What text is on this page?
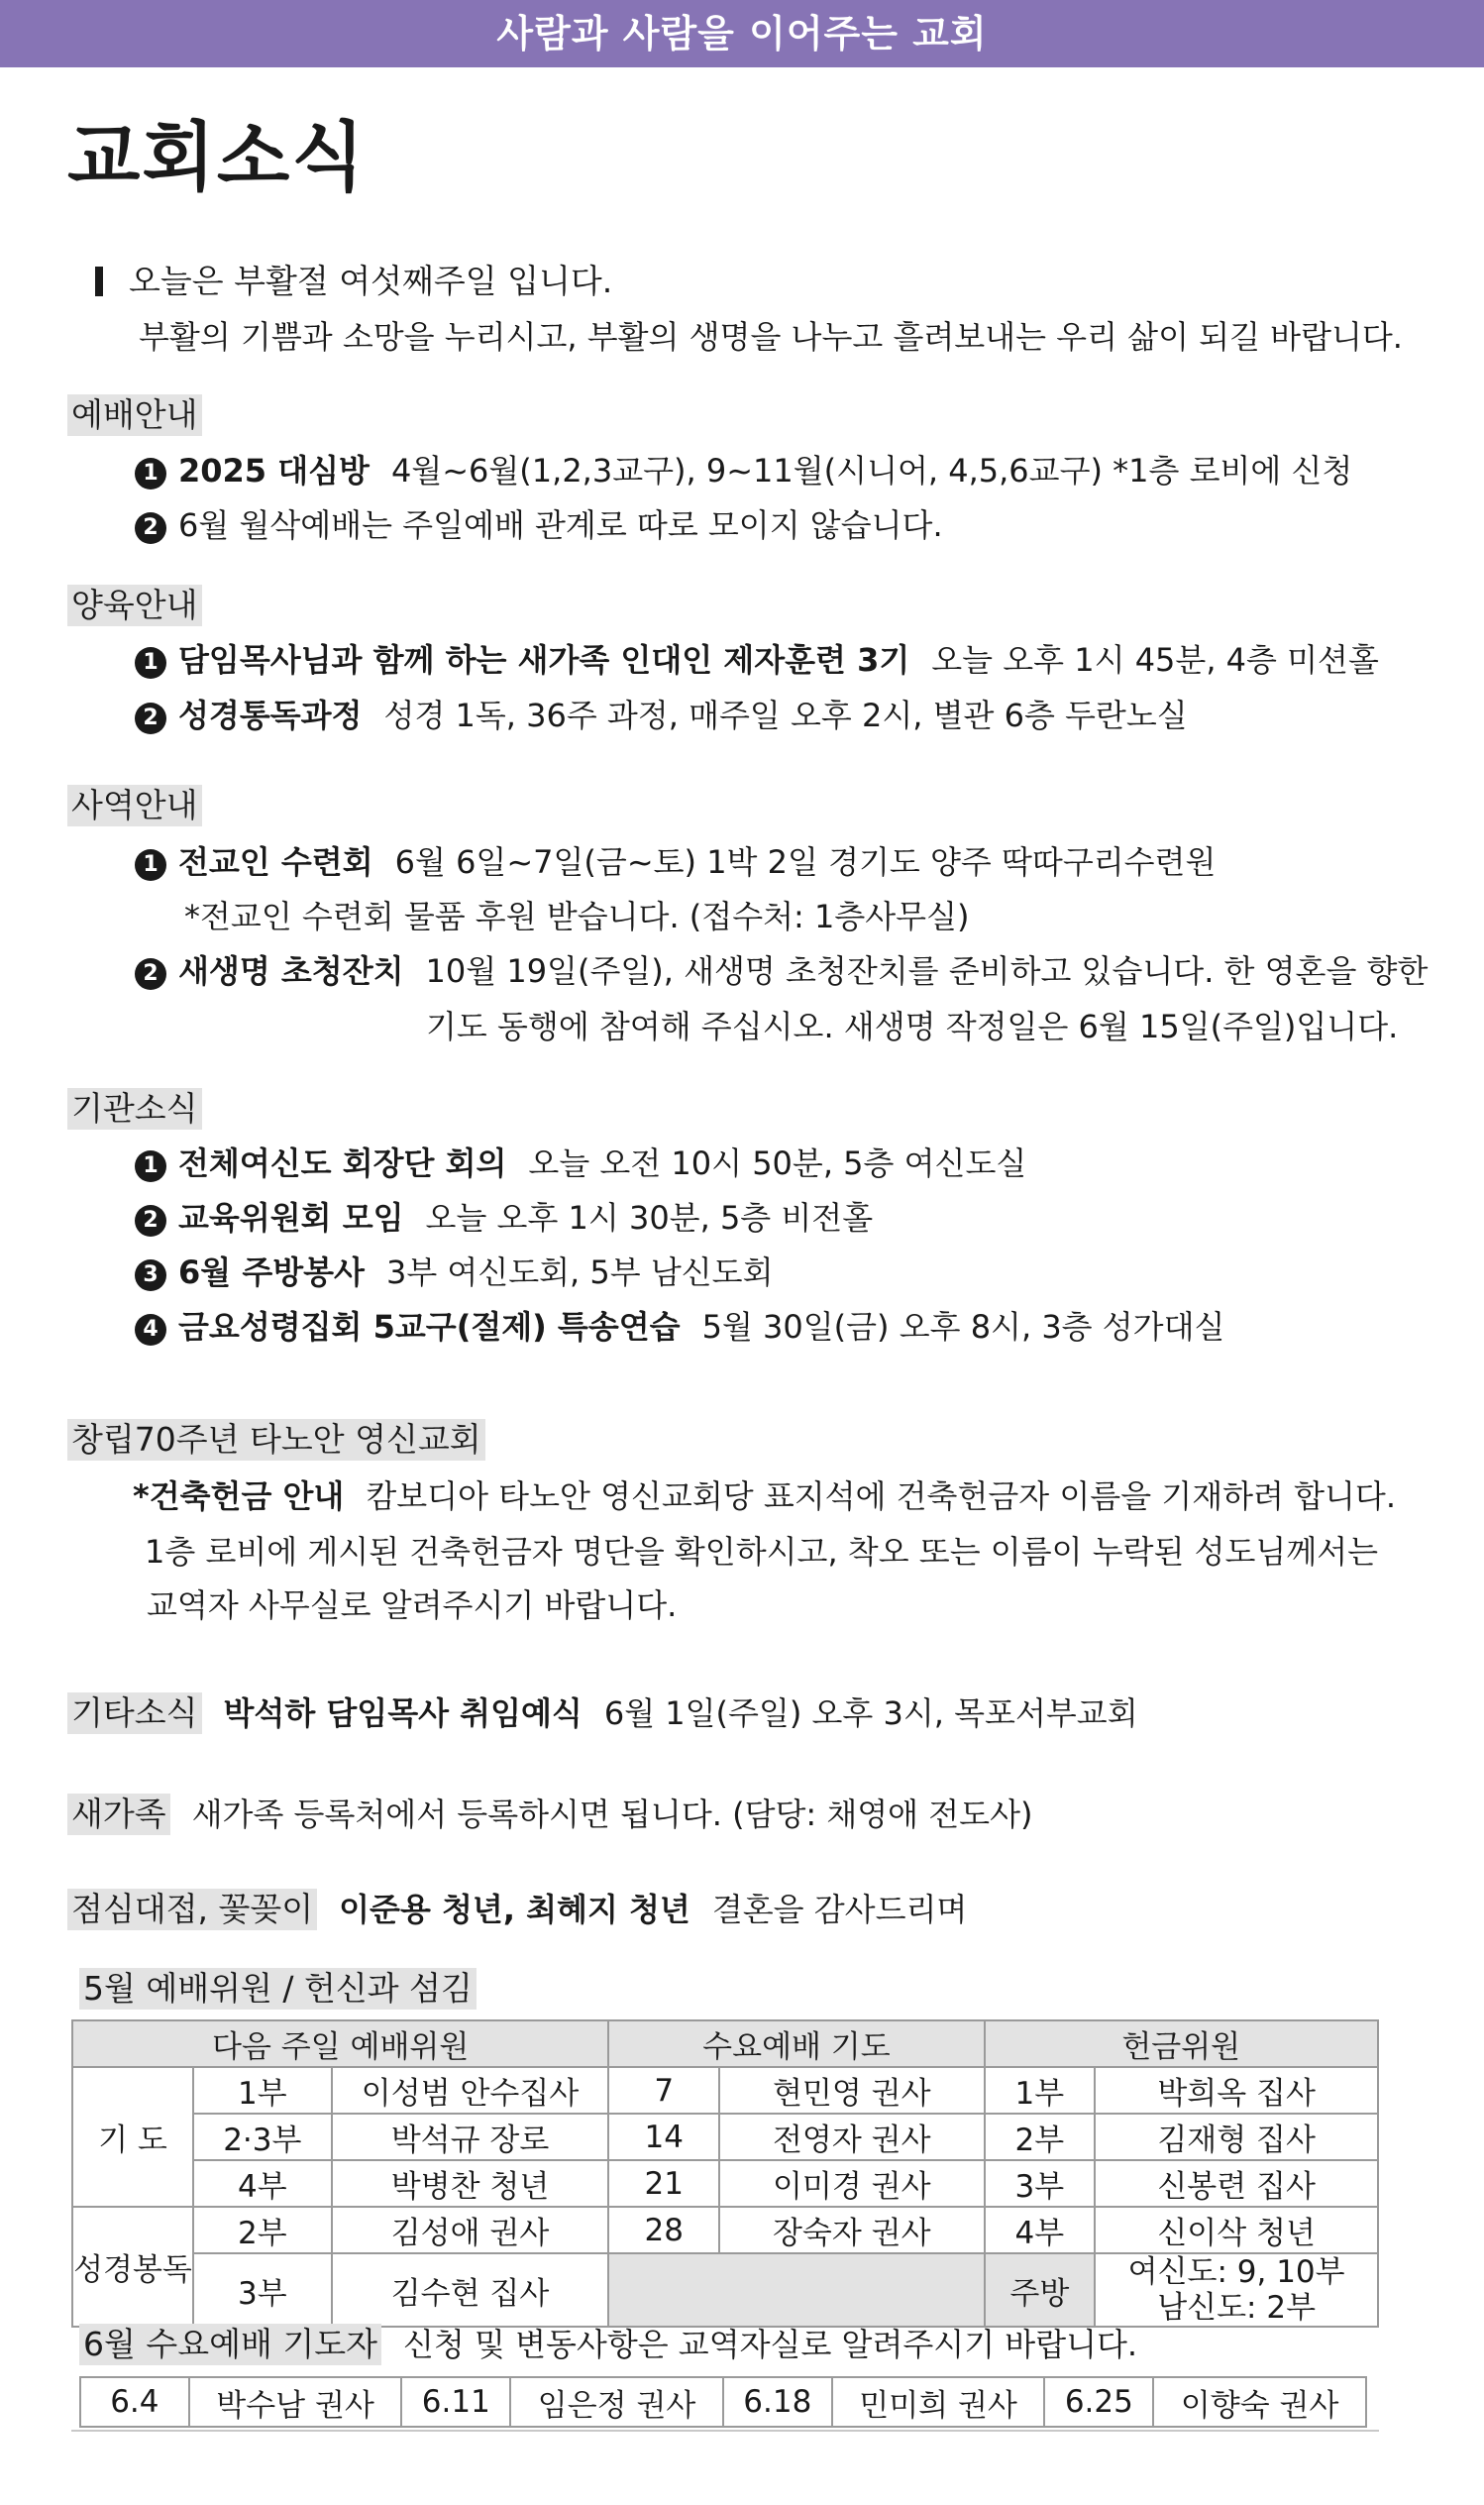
사람과 사람을 이어주는 교회
교회소식
오늘은 부활절 여섯째주일 입니다.
부활의 기쁨과 소망을 누리시고, 부활의 생명을 나누고 흘려보내는 우리 삶이 되길 바랍니다.
예배안내
1 2025 대심방 4월~6월(1,2,3교구), 9~11월(시니어, 4,5,6교구) *1층 로비에 신청
2 6월 월삭예배는 주일예배 관계로 따로 모이지 않습니다.
양육안내
1 담임목사님과 함께 하는 새가족 인대인 제자훈련 3기 오늘 오후 1시 45분, 4층 미션홀
2 성경통독과정 성경 1독, 36주 과정, 매주일 오후 2시, 별관 6층 두란노실
사역안내
1 전교인 수련회 6월 6일~7일(금~토) 1박 2일 경기도 양주 딱따구리수련원
*전교인 수련회 물품 후원 받습니다. (접수처: 1층사무실)
2 새생명 초청잔치 10월 19일(주일), 새생명 초청잔치를 준비하고 있습니다. 한 영혼을 향한
기도 동행에 참여해 주십시오. 새생명 작정일은 6월 15일(주일)입니다.
기관소식
1 전체여신도 회장단 회의 오늘 오전 10시 50분, 5층 여신도실
2 교육위원회 모임 오늘 오후 1시 30분, 5층 비전홀
3 6월 주방봉사 3부 여신도회, 5부 남신도회
4 금요성령집회 5교구(절제) 특송연습 5월 30일(금) 오후 8시, 3층 성가대실
창립70주년 타노안 영신교회
*건축헌금 안내 캄보디아 타노안 영신교회당 표지석에 건축헌금자 이름을 기재하려 합니다.
1층 로비에 게시된 건축헌금자 명단을 확인하시고, 착오 또는 이름이 누락된 성도님께서는
교역자 사무실로 알려주시기 바랍니다.
기타소식 박석하 담임목사 취임예식 6월 1일(주일) 오후 3시, 목포서부교회
새가족 새가족 등록처에서 등록하시면 됩니다. (담당: 채영애 전도사)
점심대접, 꽃꽂이 이준용 청년, 최혜지 청년 결혼을 감사드리며
5월 예배위원 / 헌신과 섬김
다음 주일 예배위원			수요예배 기도		헌금위원	
기 도	1부	이성범 안수집사	7	현민영 권사	1부	박희옥 집사
	2·3부	박석규 장로	14	전영자 권사	2부	김재형 집사
	4부	박병찬 청년	21	이미경 권사	3부	신봉련 집사
성경봉독	2부	김성애 권사	28	장숙자 권사	4부	신이삭 청년
	3부	김수현 집사			주방	여신도: 9, 10부
남신도: 2부
6월 수요예배 기도자 신청 및 변동사항은 교역자실로 알려주시기 바랍니다.
6.4	박수남 권사	6.11	임은정 권사	6.18	민미희 권사	6.25	이향숙 권사
